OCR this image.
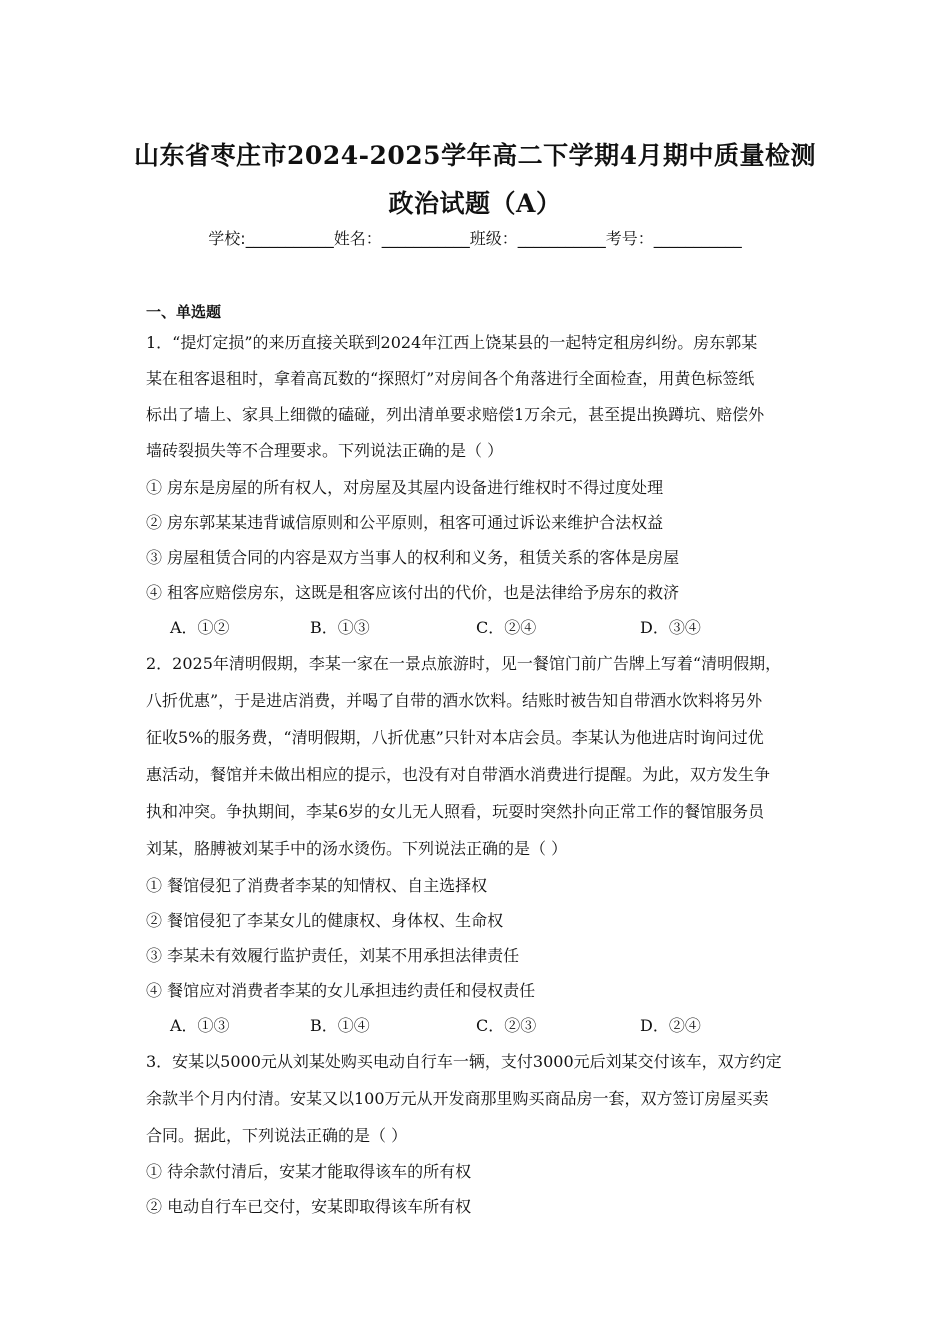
山东省枣庄市2024-2025学年高二下学期4月期中质量检测
政治试题（A）
学校:___________姓名：___________班级：___________考号：___________
一、单选题
1．“提灯定损”的来历直接关联到2024年江西上饶某县的一起特定租房纠纷。房东郭某
某在租客退租时，拿着高瓦数的“探照灯”对房间各个角落进行全面检查，用黄色标签纸
标出了墙上、家具上细微的磕碰，列出清单要求赔偿1万余元，甚至提出换蹲坑、赔偿外
墙砖裂损失等不合理要求。下列说法正确的是（ ）
① 房东是房屋的所有权人，对房屋及其屋内设备进行维权时不得过度处理
② 房东郭某某违背诚信原则和公平原则，租客可通过诉讼来维护合法权益
③ 房屋租赁合同的内容是双方当事人的权利和义务，租赁关系的客体是房屋
④ 租客应赔偿房东，这既是租客应该付出的代价，也是法律给予房东的救济
A．①②	B．①③	C．②④	D．③④
2．2025年清明假期，李某一家在一景点旅游时，见一餐馆门前广告牌上写着“清明假期，
八折优惠”，于是进店消费，并喝了自带的酒水饮料。结账时被告知自带酒水饮料将另外
征收5%的服务费，“清明假期，八折优惠”只针对本店会员。李某认为他进店时询问过优
惠活动，餐馆并未做出相应的提示，也没有对自带酒水消费进行提醒。为此，双方发生争
执和冲突。争执期间，李某6岁的女儿无人照看，玩耍时突然扑向正常工作的餐馆服务员
刘某，胳膊被刘某手中的汤水烫伤。下列说法正确的是（ ）
① 餐馆侵犯了消费者李某的知情权、自主选择权
② 餐馆侵犯了李某女儿的健康权、身体权、生命权
③ 李某未有效履行监护责任，刘某不用承担法律责任
④ 餐馆应对消费者李某的女儿承担违约责任和侵权责任
A．①③	B．①④	C．②③	D．②④
3．安某以5000元从刘某处购买电动自行车一辆，支付3000元后刘某交付该车，双方约定
余款半个月内付清。安某又以100万元从开发商那里购买商品房一套，双方签订房屋买卖
合同。据此，下列说法正确的是（ ）
① 待余款付清后，安某才能取得该车的所有权
② 电动自行车已交付，安某即取得该车所有权
